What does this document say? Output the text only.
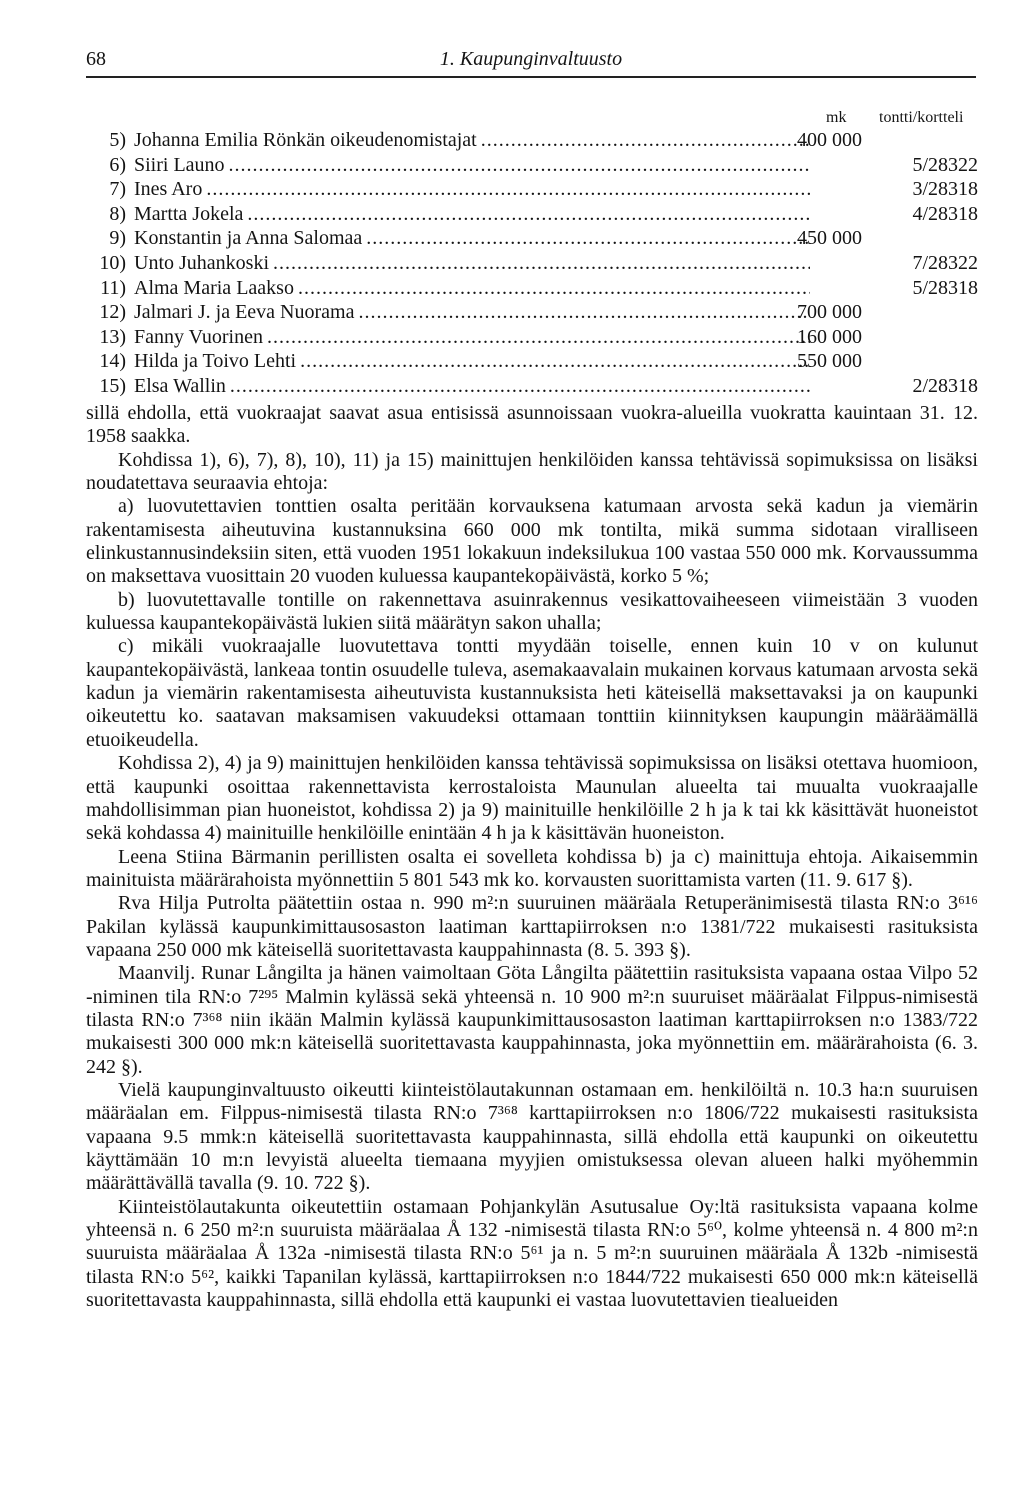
68	1. Kaupunginvaltuusto
mk tontti/kortteli
5) Johanna Emilia Rönkän oikeudenomistajat .....	400 000
6) Siiri Launo .....	5/28322
7) Ines Aro .....	3/28318
8) Martta Jokela .....	4/28318
9) Konstantin ja Anna Salomaa .....	450 000
10) Unto Juhankoski .....	7/28322
11) Alma Maria Laakso .....	5/28318
12) Jalmari J. ja Eeva Nuorama .....	700 000
13) Fanny Vuorinen .....	160 000
14) Hilda ja Toivo Lehti .....	550 000
15) Elsa Wallin .....	2/28318

sillä ehdolla, että vuokraajat saavat asua entisissä asunnoissaan vuokra-alueilla vuokratta kauintaan 31. 12. 1958 saakka.

Kohdissa 1), 6), 7), 8), 10), 11) ja 15) mainittujen henkilöiden kanssa tehtävissä sopimuksissa on lisäksi noudatettava seuraavia ehtoja:

a) luovutettavien tonttien osalta peritään korvauksena katumaan arvosta sekä kadun ja viemärin rakentamisesta aiheutuvina kustannuksina 660 000 mk tontilta, mikä summa sidotaan viralliseen elinkustannusindeksiin siten, että vuoden 1951 lokakuun indeksilukua 100 vastaa 550 000 mk. Korvaussumma on maksettava vuosittain 20 vuoden kuluessa kaupantekopäivästä, korko 5 %;

b) luovutettavalle tontille on rakennettava asuinrakennus vesikattovaiheeseen viimeistään 3 vuoden kuluessa kaupantekopäivästä lukien siitä määrätyn sakon uhalla;

c) mikäli vuokraajalle luovutettava tontti myydään toiselle, ennen kuin 10 v on kulunut kaupantekopäivästä, lankeaa tontin osuudelle tuleva, asemakaavalain mukainen korvaus katumaan arvosta sekä kadun ja viemärin rakentamisesta aiheutuvista kustannuksista heti käteisellä maksettavaksi ja on kaupunki oikeutettu ko. saatavan maksamisen vakuudeksi ottamaan tonttiin kiinnityksen kaupungin määräämällä etuoikeudella.

Kohdissa 2), 4) ja 9) mainittujen henkilöiden kanssa tehtävissä sopimuksissa on lisäksi otettava huomioon, että kaupunki osoittaa rakennettavista kerrostaloista Maunulan alueelta tai muualta vuokraajalle mahdollisimman pian huoneistot, kohdissa 2) ja 9) mainituille henkilöille 2 h ja k tai kk käsittävät huoneistot sekä kohdassa 4) mainituille henkilöille enintään 4 h ja k käsittävän huoneiston.

Leena Stiina Bärmanin perillisten osalta ei sovelleta kohdissa b) ja c) mainittuja ehtoja. Aikaisemmin mainituista määrärahoista myönnettiin 5 801 543 mk ko. korvausten suorittamista varten (11. 9. 617 §).

Rva Hilja Putrolta päätettiin ostaa n. 990 m²:n suuruinen määräala Retuperänimisestä tilasta RN:o 3⁶¹⁶ Pakilan kylässä kaupunkimittausosaston laatiman karttapiirroksen n:o 1381/722 mukaisesti rasituksista vapaana 250 000 mk käteisellä suoritettavasta kauppahinnasta (8. 5. 393 §).

Maanvilj. Runar Långilta ja hänen vaimoltaan Göta Långilta päätettiin rasituksista vapaana ostaa Vilpo 52 -niminen tila RN:o 7²⁹⁵ Malmin kylässä sekä yhteensä n. 10 900 m²:n suuruiset määräalat Filppus-nimisestä tilasta RN:o 7³⁶⁸ niin ikään Malmin kylässä kaupunkimittausosaston laatiman karttapiirroksen n:o 1383/722 mukaisesti 300 000 mk:n käteisellä suoritettavasta kauppahinnasta, joka myönnettiin em. määrärahoista (6. 3. 242 §).

Vielä kaupunginvaltuusto oikeutti kiinteistölautakunnan ostamaan em. henkilöiltä n. 10.3 ha:n suuruisen määräalan em. Filppus-nimisestä tilasta RN:o 7³⁶⁸ karttapiirroksen n:o 1806/722 mukaisesti rasituksista vapaana 9.5 mmk:n käteisellä suoritettavasta kauppahinnasta, sillä ehdolla että kaupunki on oikeutettu käyttämään 10 m:n levyistä alueelta tiemaana myyjien omistuksessa olevan alueen halki myöhemmin määrättävällä tavalla (9. 10. 722 §).

Kiinteistölautakunta oikeutettiin ostamaan Pohjankylän Asutusalue Oy:ltä rasituksista vapaana kolme yhteensä n. 6 250 m²:n suuruista määräalaa Å 132 -nimisestä tilasta RN:o 5⁶⁰, kolme yhteensä n. 4 800 m²:n suuruista määräalaa Å 132a -nimisestä tilasta RN:o 5⁶¹ ja n. 5 m²:n suuruinen määräala Å 132b -nimisestä tilasta RN:o 5⁶², kaikki Tapanilan kylässä, karttapiirroksen n:o 1844/722 mukaisesti 650 000 mk:n käteisellä suoritettavasta kauppahinnasta, sillä ehdolla että kaupunki ei vastaa luovutettavien tiealueiden
